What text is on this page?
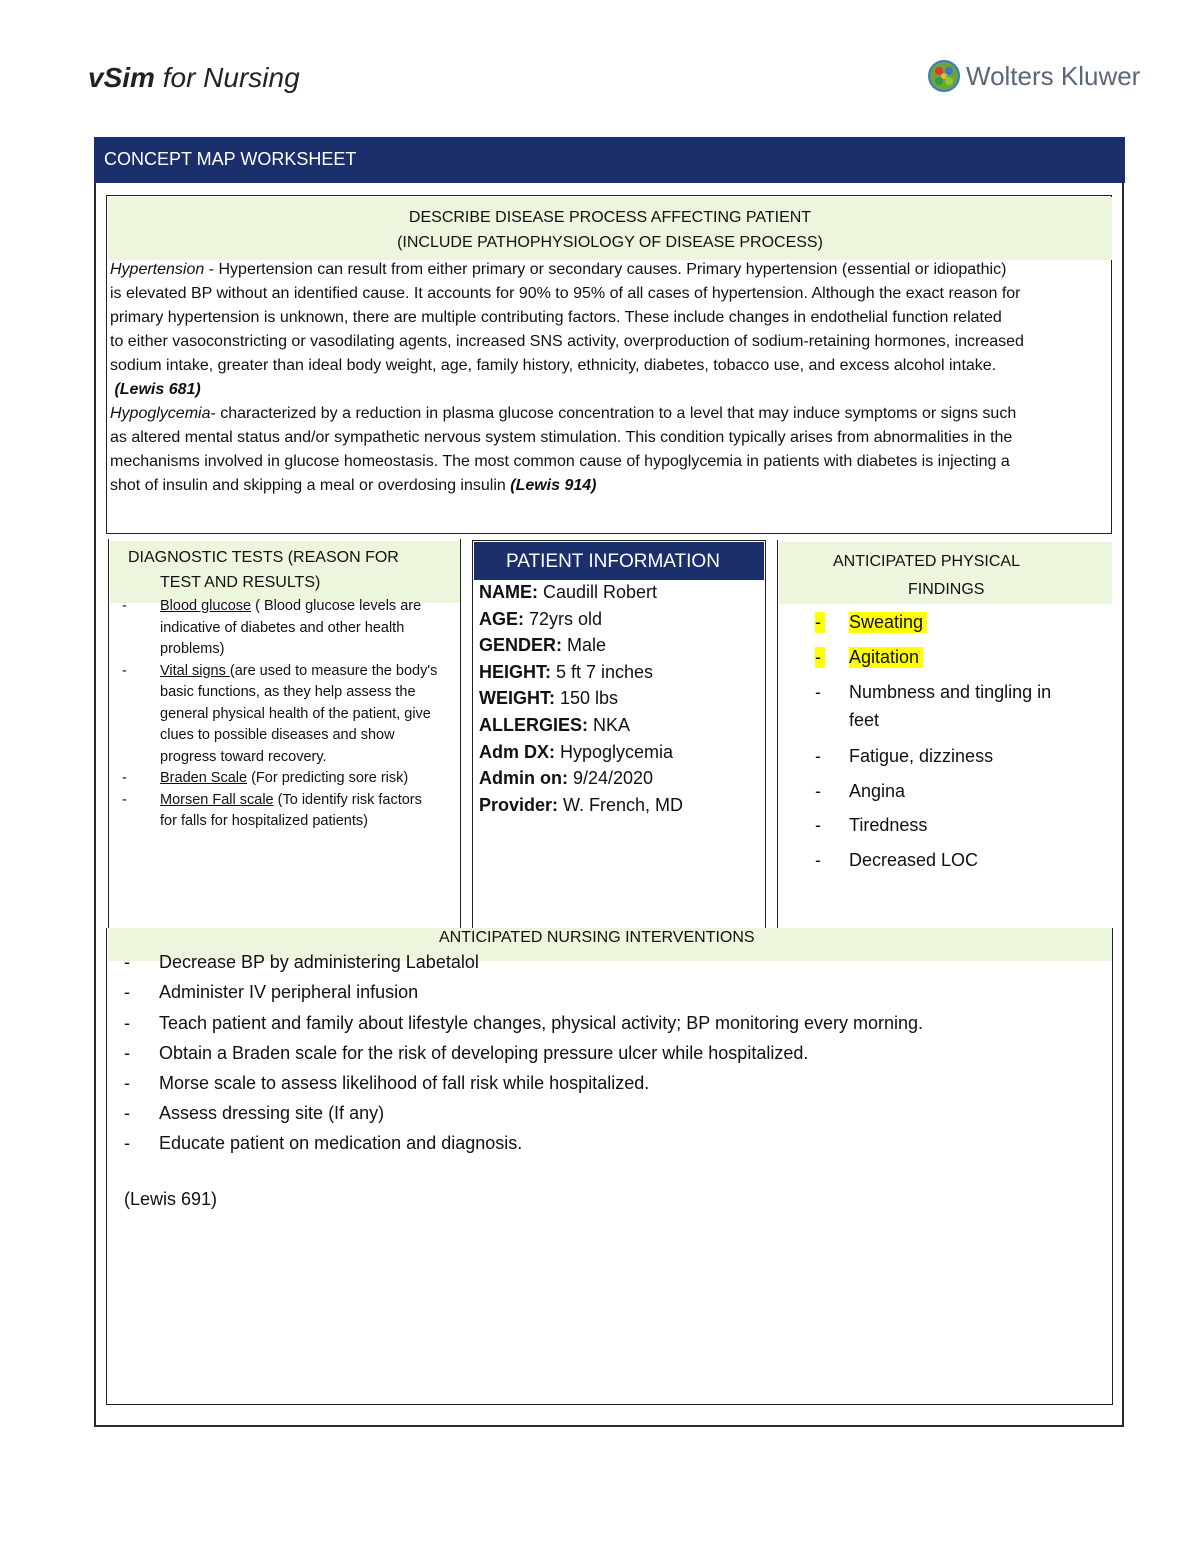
vSim for Nursing	Wolters Kluwer
CONCEPT MAP WORKSHEET
DESCRIBE DISEASE PROCESS AFFECTING PATIENT
(INCLUDE PATHOPHYSIOLOGY OF DISEASE PROCESS)

Hypertension - Hypertension can result from either primary or secondary causes. Primary hypertension (essential or idiopathic)

is elevated BP without an identified cause. It accounts for 90% to 95% of all cases of hypertension. Although the exact reason for

primary hypertension is unknown, there are multiple contributing factors. These include changes in endothelial function related

to either vasoconstricting or vasodilating agents, increased SNS activity, overproduction of sodium-retaining hormones, increased

sodium intake, greater than ideal body weight, age, family history, ethnicity, diabetes, tobacco use, and excess alcohol intake.

(Lewis 681)

Hypoglycemia- characterized by a reduction in plasma glucose concentration to a level that may induce symptoms or signs such

as altered mental status and/or sympathetic nervous system stimulation. This condition typically arises from abnormalities in the

mechanisms involved in glucose homeostasis. The most common cause of hypoglycemia in patients with diabetes is injecting a

shot of insulin and skipping a meal or overdosing insulin (Lewis 914)

DIAGNOSTIC TESTS (REASON FOR
TEST AND RESULTS)

- Blood glucose ( Blood glucose levels are indicative of diabetes and other health problems)

- Vital signs (are used to measure the body's basic functions, as they help assess the general physical health of the patient, give clues to possible diseases and show progress toward recovery.

- Braden Scale (For predicting sore risk)

- Morsen Fall scale (To identify risk factors for falls for hospitalized patients)

PATIENT INFORMATION
NAME: Caudill Robert
AGE: 72yrs old
GENDER: Male
HEIGHT: 5 ft 7 inches
WEIGHT: 150 lbs
ALLERGIES: NKA
Adm DX: Hypoglycemia
Admin on: 9/24/2020
Provider: W. French, MD
ANTICIPATED PHYSICAL
FINDINGS
- Sweating
- Agitation
- Numbness and tingling in
feet
- Fatigue, dizziness
- Angina
- Tiredness
- Decreased LOC
ANTICIPATED NURSING INTERVENTIONS
- Decrease BP by administering Labetalol
- Administer IV peripheral infusion
- Teach patient and family about lifestyle changes, physical activity; BP monitoring every morning.
- Obtain a Braden scale for the risk of developing pressure ulcer while hospitalized.
- Morse scale to assess likelihood of fall risk while hospitalized.
- Assess dressing site (If any)
- Educate patient on medication and diagnosis.
(Lewis 691)
